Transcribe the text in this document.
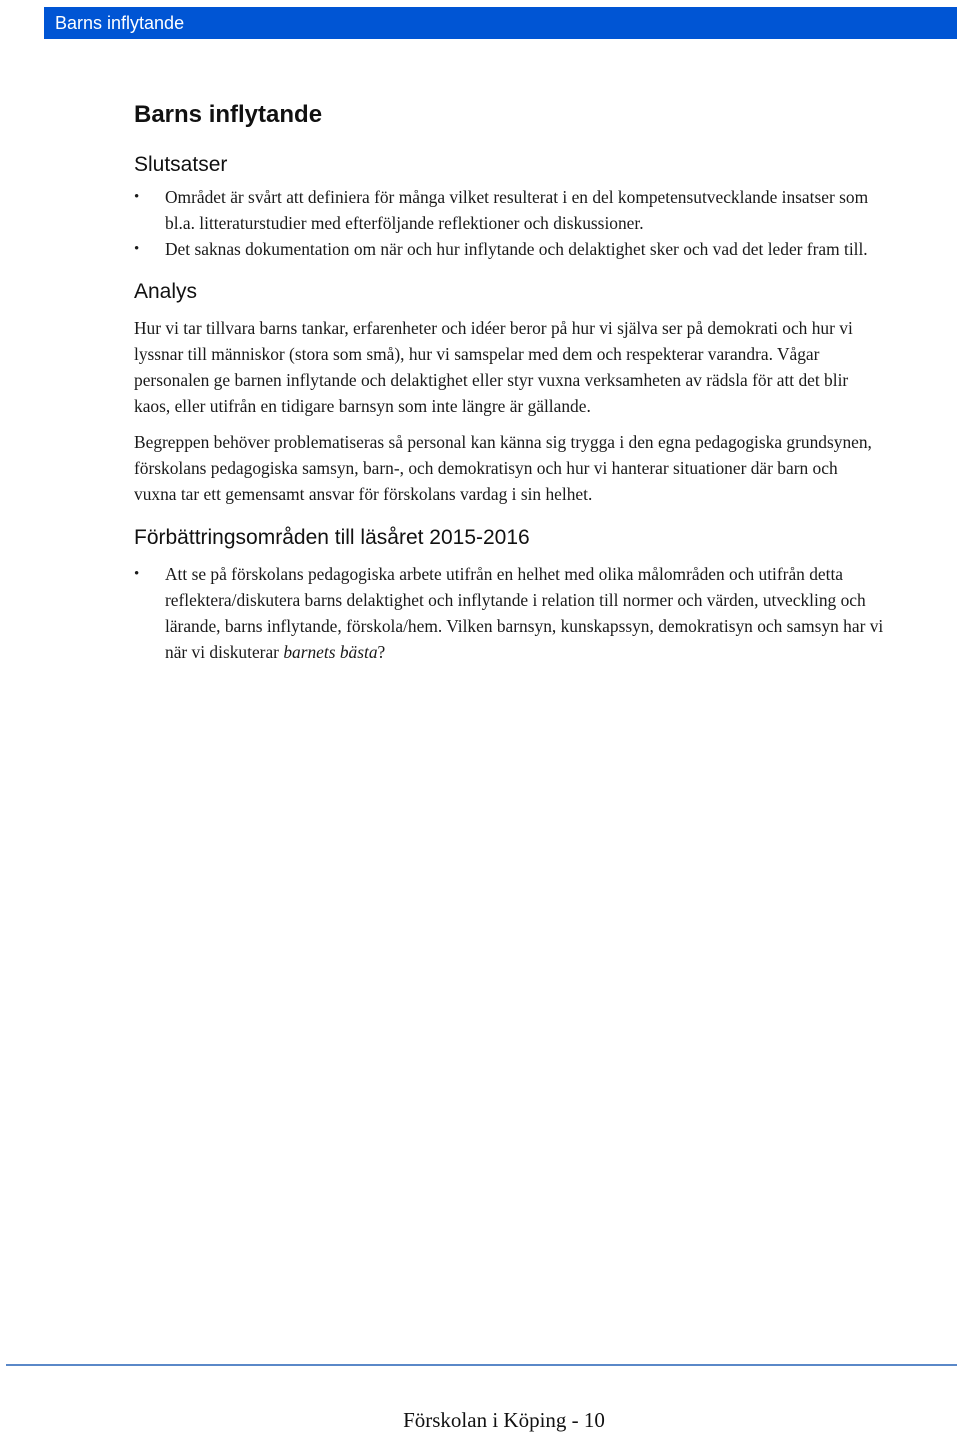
Barns inflytande
Barns inflytande
Slutsatser
• Området är svårt att definiera för många vilket resulterat i en del kompetensutvecklande insatser som bl.a. litteraturstudier med efterföljande reflektioner och diskussioner.
• Det saknas dokumentation om när och hur inflytande och delaktighet sker och vad det leder fram till.
Analys

Hur vi tar tillvara barns tankar, erfarenheter och idéer beror på hur vi själva ser på demokrati och hur vi lyssnar till människor (stora som små), hur vi samspelar med dem och respekterar varandra. Vågar personalen ge barnen inflytande och delaktighet eller styr vuxna verksamheten av rädsla för att det blir kaos, eller utifrån en tidigare barnsyn som inte längre är gällande.

Begreppen behöver problematiseras så personal kan känna sig trygga i den egna pedagogiska grundsynen, förskolans pedagogiska samsyn, barn-, och demokratisyn och hur vi hanterar situationer där barn och vuxna tar ett gemensamt ansvar för förskolans vardag i sin helhet.

Förbättringsområden till läsåret 2015-2016
• Att se på förskolans pedagogiska arbete utifrån en helhet med olika målområden och utifrån detta reflektera/diskutera barns delaktighet och inflytande i relation till normer och värden, utveckling och lärande, barns inflytande, förskola/hem. Vilken barnsyn, kunskapssyn, demokratisyn och samsyn har vi när vi diskuterar barnets bästa?
Förskolan i Köping - 10
